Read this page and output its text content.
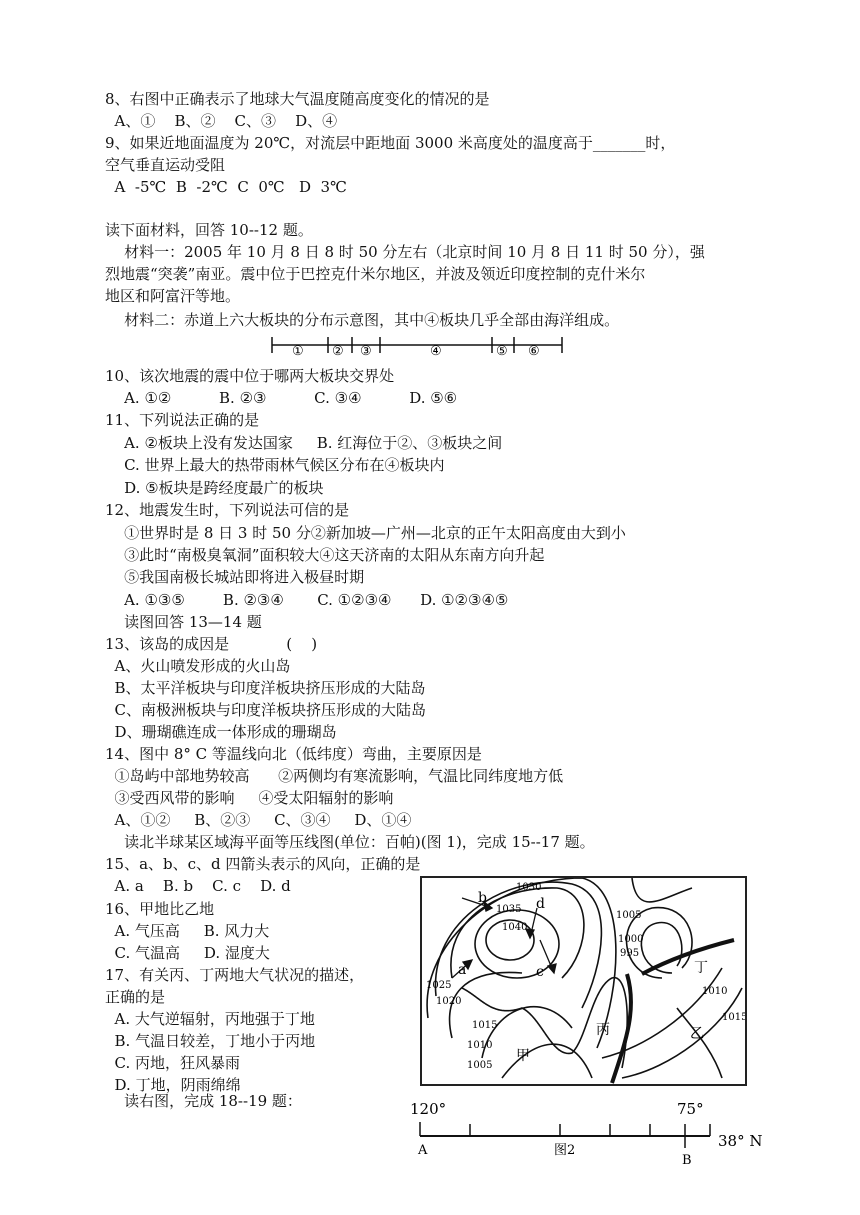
8、右图中正确表示了地球大气温度随高度变化的情况的是
A、①    B、②    C、③    D、④
9、如果近地面温度为 20℃，对流层中距地面 3000 米高度处的温度高于_______时，
空气垂直运动受阻
A  -5℃  B  -2℃  C  0℃   D  3℃
读下面材料，回答 10--12 题。
材料一：2005 年 10 月 8 日 8 时 50 分左右（北京时间 10 月 8 日 11 时 50 分），强
烈地震“突袭”南亚。震中位于巴控克什米尔地区，并波及领近印度控制的克什米尔
地区和阿富汗等地。
材料二：赤道上六大板块的分布示意图，其中④板块几乎全部由海洋组成。
① ② ③	④	⑤ ⑥
10、该次地震的震中位于哪两大板块交界处
A. ①②          B. ②③          C. ③④          D. ⑤⑥
11、下列说法正确的是
A. ②板块上没有发达国家     B. 红海位于②、③板块之间
C. 世界上最大的热带雨林气候区分布在④板块内
D. ⑤板块是跨经度最广的板块
12、地震发生时，下列说法可信的是
①世界时是 8 日 3 时 50 分②新加坡—广州—北京的正午太阳高度由大到小
③此时“南极臭氧洞”面积较大④这天济南的太阳从东南方向升起
⑤我国南极长城站即将进入极昼时期
A. ①③⑤        B. ②③④       C. ①②③④      D. ①②③④⑤
读图回答 13—14 题
13、该岛的成因是            (    )
A、火山喷发形成的火山岛
B、太平洋板块与印度洋板块挤压形成的大陆岛
C、南极洲板块与印度洋板块挤压形成的大陆岛
D、珊瑚礁连成一体形成的珊瑚岛
14、图中 8° C 等温线向北（低纬度）弯曲，主要原因是
①岛屿中部地势较高      ②两侧均有寒流影响，气温比同纬度地方低
③受西风带的影响     ④受太阳辐射的影响
A、①②     B、②③     C、③④     D、①④
读北半球某区域海平面等压线图(单位：百帕)(图 1)，完成 15--17 题。
15、a、b、c、d 四箭头表示的风向，正确的是
A. a    B. b    C. c    D. d
16、甲地比乙地
A. 气压高     B. 风力大
C. 气温高     D. 湿度大
17、有关丙、丁两地大气状况的描述，
正确的是
A. 大气逆辐射，丙地强于丁地
B. 气温日较差，丁地小于丙地
C. 丙地，狂风暴雨
D. 丁地，阴雨绵绵
读右图，完成 18--19 题：
1030
1035
1040
1025
1020
1015
1010
1005
1005
1000
995
1010
1015
b
a	c
d
甲
乙
丙
丁
120°	75°
A
B
图2
38° N
